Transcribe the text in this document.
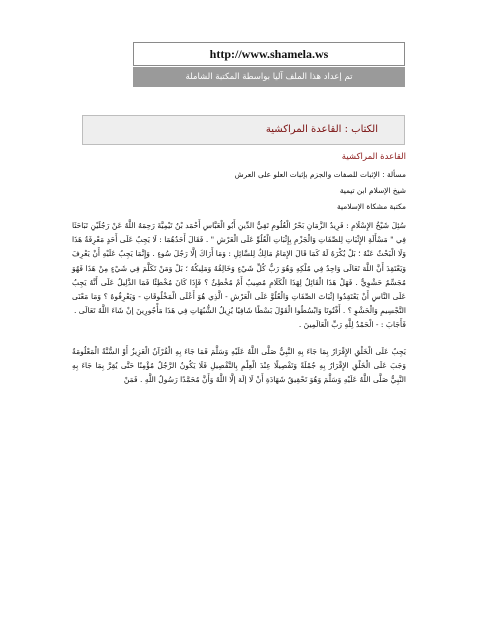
http://www.shamela.ws
تم إعداد هذا الملف آليا بواسطة المكتبة الشاملة
الكتاب : القاعدة المراكشية
القاعدة المراكشية

مسألة : الإثبات للصفات والجزم بإثبات العلو على العرش

شيخ الإسلام ابن تيمية

مكتبة مشكاة الإسلامية

سُئِلَ شَيْخُ الإِسْلَامِ : فَرِيدُ الزَّمَانِ بَحْرُ الْعُلُومِ تَقِيُّ الدِّينِ أَبُو الْعَبَّاسِ أَحْمَد بْنُ تَيْمِيَّةَ رَحِمَهُ اللَّهُ عَنْ رَجُلَيْنِ تَبَاحَثَا فِي " مَسْأَلَةِ الإِثْبَاتِ لِلصِّفَاتِ وَالْجَزْمِ بِإِثْبَاتِ الْعُلُوِّ عَلَى الْعَرْشِ " . فَقَالَ أَحَدُهُمَا : لَا يَجِبُ عَلَى أَحَدٍ مَعْرِفَةُ هَذَا وَلَا الْبَحْثُ عَنْهُ ؛ بَلْ يُكْرَهُ لَهُ كَمَا قَالَ الإِمَامُ مَالِكٌ لِلسَّائِلِ : وَمَا أَرَاكَ إلَّا رَجُلَ سُوءٍ . وَإِنَّمَا يَجِبُ عَلَيْهِ أَنْ يَعْرِفَ وَيَعْتَقِدَ أَنَّ اللَّهَ تَعَالَى وَاحِدٌ فِي مُلْكِهِ وَهُوَ رَبُّ كُلِّ شَيْءٍ وَخَالِقُهُ وَمَلِيكُهُ ؛ بَلْ وَمَنْ تَكَلَّمَ فِي شَيْءٍ مِنْ هَذَا فَهُوَ مُجَسِّمٌ حَشْوِيٌّ . فَهَلْ هَذَا الْقَائِلُ لِهَذَا الْكَلَامِ مُصِيبٌ أَمْ مُخْطِئٌ ؟ فَإِذَا كَانَ مُخْطِئًا فَمَا الدَّلِيلُ عَلَى أَنَّهُ يَجِبُ عَلَى النَّاسِ أَنْ يَعْتَقِدُوا إثْبَاتَ الصِّفَاتِ وَالْعُلُوَّ عَلَى الْعَرْشِ - الَّذِي هُوَ أَعْلَى الْمَخْلُوقَاتِ - وَيَعْرِفُوهُ ؟ وَمَا مَعْنَى التَّجْسِيمِ وَالْحَشْوِ ؟ . أَفْتُونَا وَابْسُطُوا الْقَوْلَ بَسْطًا شَافِيًا يُزِيلُ الشُّبُهَاتِ فِي هَذَا مَأْجُورِينَ إنْ شَاءَ اللَّهُ تَعَالَى .

فَأَجَابَ : - الْحَمْدُ لِلَّهِ رَبِّ الْعَالَمِينَ .

يَجِبُ عَلَى الْخَلْقِ الإِقْرَارُ بِمَا جَاءَ بِهِ النَّبِيُّ صَلَّى اللَّهُ عَلَيْهِ وَسَلَّمَ فَمَا جَاءَ بِهِ الْقُرْآنُ الْعَزِيزُ أَوْ السُّنَّةُ الْمَعْلُومَةُ وَجَبَ عَلَى الْخَلْقِ الإِقْرَارُ بِهِ جُمْلَةً وَتَفْصِيلًا عِنْدَ الْعِلْمِ بِالتَّفْصِيلِ فَلَا يَكُونُ الرَّجُلُ مُؤْمِنًا حَتَّى يُقِرَّ بِمَا جَاءَ بِهِ النَّبِيُّ صَلَّى اللَّهُ عَلَيْهِ وَسَلَّمَ وَهُوَ تَحْقِيقُ شَهَادَةِ أَنْ لَا إلَهَ إلَّا اللَّهُ وَأَنَّ مُحَمَّدًا رَسُولُ اللَّهِ . فَمَنْ
